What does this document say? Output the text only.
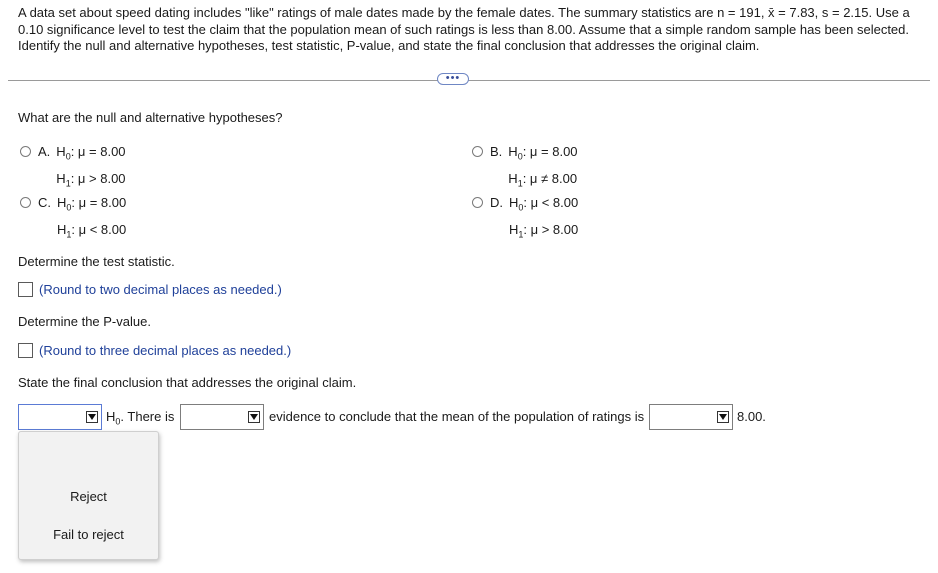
A data set about speed dating includes "like" ratings of male dates made by the female dates. The summary statistics are n = 191, x̄ = 7.83, s = 2.15. Use a
0.10 significance level to test the claim that the population mean of such ratings is less than 8.00. Assume that a simple random sample has been selected.
Identify the null and alternative hypotheses, test statistic, P-value, and state the final conclusion that addresses the original claim.
•••
What are the null and alternative hypotheses?
A. $H_0$: μ = 8.00
$H_1$: μ > 8.00
B. $H_0$: μ = 8.00
$H_1$: μ ≠ 8.00
C. $H_0$: μ = 8.00
$H_1$: μ < 8.00
D. $H_0$: μ < 8.00
$H_1$: μ > 8.00
Determine the test statistic.
(Round to two decimal places as needed.)
Determine the P-value.
(Round to three decimal places as needed.)
State the final conclusion that addresses the original claim.
$H_0$. There is	evidence to conclude that the mean of the population of ratings is	8.00.
Reject
Fail to reject
